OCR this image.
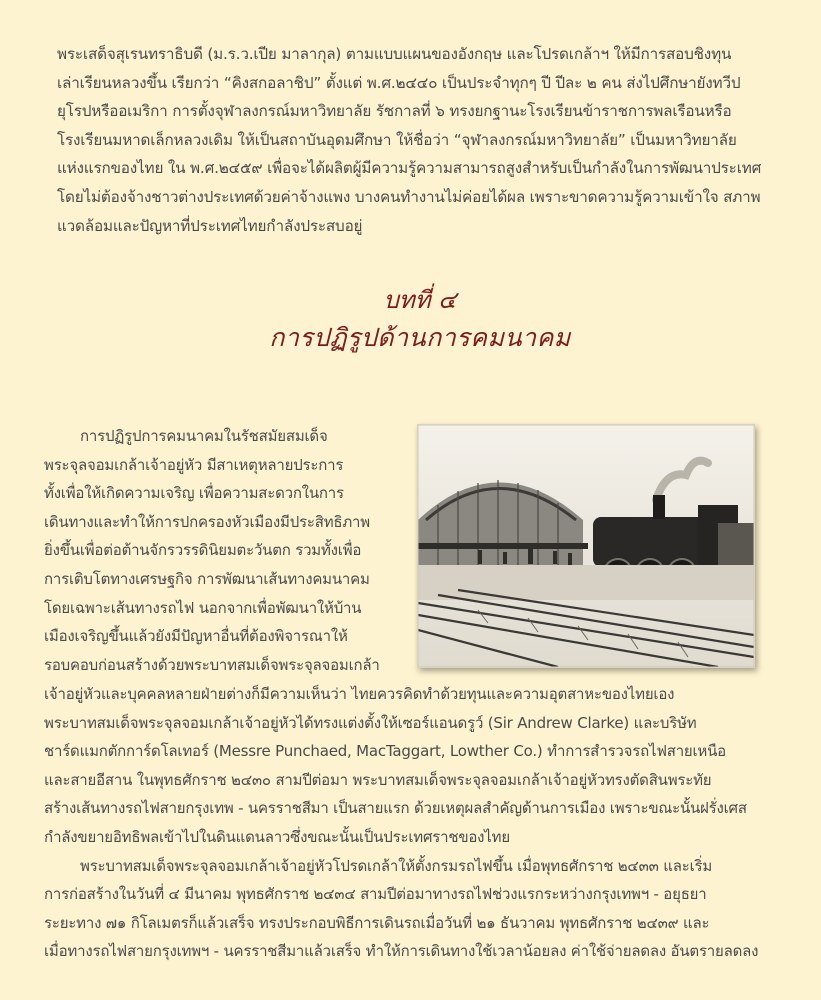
พระเสด็จสุเรนทราธิบดี (ม.ร.ว.เปีย มาลากุล) ตามแบบแผนของอังกฤษ และโปรดเกล้าฯ ให้มีการสอบชิงทุน

เล่าเรียนหลวงขึ้น เรียกว่า “คิงสกอลาชิป” ตั้งแต่ พ.ศ.๒๔๔๐ เป็นประจำทุกๆ ปี ปีละ ๒ คน ส่งไปศึกษายังทวีป

ยุโรปหรืออเมริกา การตั้งจุฬาลงกรณ์มหาวิทยาลัย รัชกาลที่ ๖ ทรงยกฐานะโรงเรียนข้าราชการพลเรือนหรือ

โรงเรียนมหาดเล็กหลวงเดิม ให้เป็นสถาบันอุดมศึกษา ให้ชื่อว่า “จุฬาลงกรณ์มหาวิทยาลัย” เป็นมหาวิทยาลัย

แห่งแรกของไทย ใน พ.ศ.๒๔๕๙ เพื่อจะได้ผลิตผู้มีความรู้ความสามารถสูงสำหรับเป็นกำลังในการพัฒนาประเทศ

โดยไม่ต้องจ้างชาวต่างประเทศด้วยค่าจ้างแพง บางคนทำงานไม่ค่อยได้ผล เพราะขาดความรู้ความเข้าใจ สภาพ

แวดล้อมและปัญหาที่ประเทศไทยกำลังประสบอยู่

บทที่ ๔
การปฏิรูปด้านการคมนาคม

การปฏิรูปการคมนาคมในรัชสมัยสมเด็จ

พระจุลจอมเกล้าเจ้าอยู่หัว มีสาเหตุหลายประการ

ทั้งเพื่อให้เกิดความเจริญ เพื่อความสะดวกในการ

เดินทางและทำให้การปกครองหัวเมืองมีประสิทธิภาพ

ยิ่งขึ้นเพื่อต่อต้านจักรวรรดินิยมตะวันตก รวมทั้งเพื่อ

การเติบโตทางเศรษฐกิจ การพัฒนาเส้นทางคมนาคม

โดยเฉพาะเส้นทางรถไฟ นอกจากเพื่อพัฒนาให้บ้าน

เมืองเจริญขึ้นแล้วยังมีปัญหาอื่นที่ต้องพิจารณาให้

รอบคอบก่อนสร้างด้วยพระบาทสมเด็จพระจุลจอมเกล้า

เจ้าอยู่หัวและบุคคลหลายฝ่ายต่างก็มีความเห็นว่า ไทยควรคิดทำด้วยทุนและความอุตสาหะของไทยเอง

พระบาทสมเด็จพระจุลจอมเกล้าเจ้าอยู่หัวได้ทรงแต่งตั้งให้เซอร์แอนดรูว์ (Sir Andrew Clarke) และบริษัท

ชาร์ดแมกตักการ์ดโลเทอร์ (Messre Punchaed, MacTaggart, Lowther Co.) ทำการสำรวจรถไฟสายเหนือ

และสายอีสาน ในพุทธศักราช ๒๔๓๐ สามปีต่อมา พระบาทสมเด็จพระจุลจอมเกล้าเจ้าอยู่หัวทรงตัดสินพระทัย

สร้างเส้นทางรถไฟสายกรุงเทพ - นครราชสีมา เป็นสายแรก ด้วยเหตุผลสำคัญด้านการเมือง เพราะขณะนั้นฝรั่งเศส

กำลังขยายอิทธิพลเข้าไปในดินแดนลาวซึ่งขณะนั้นเป็นประเทศราชของไทย

พระบาทสมเด็จพระจุลจอมเกล้าเจ้าอยู่หัวโปรดเกล้าให้ตั้งกรมรถไฟขึ้น เมื่อพุทธศักราช ๒๔๓๓ และเริ่ม

การก่อสร้างในวันที่ ๔ มีนาคม พุทธศักราช ๒๔๓๔ สามปีต่อมาทางรถไฟช่วงแรกระหว่างกรุงเทพฯ - อยุธยา

ระยะทาง ๗๑ กิโลเมตรก็แล้วเสร็จ ทรงประกอบพิธีการเดินรถเมื่อวันที่ ๒๑ ธันวาคม พุทธศักราช ๒๔๓๙ และ

เมื่อทางรถไฟสายกรุงเทพฯ - นครราชสีมาแล้วเสร็จ ทำให้การเดินทางใช้เวลาน้อยลง ค่าใช้จ่ายลดลง อันตรายลดลง
